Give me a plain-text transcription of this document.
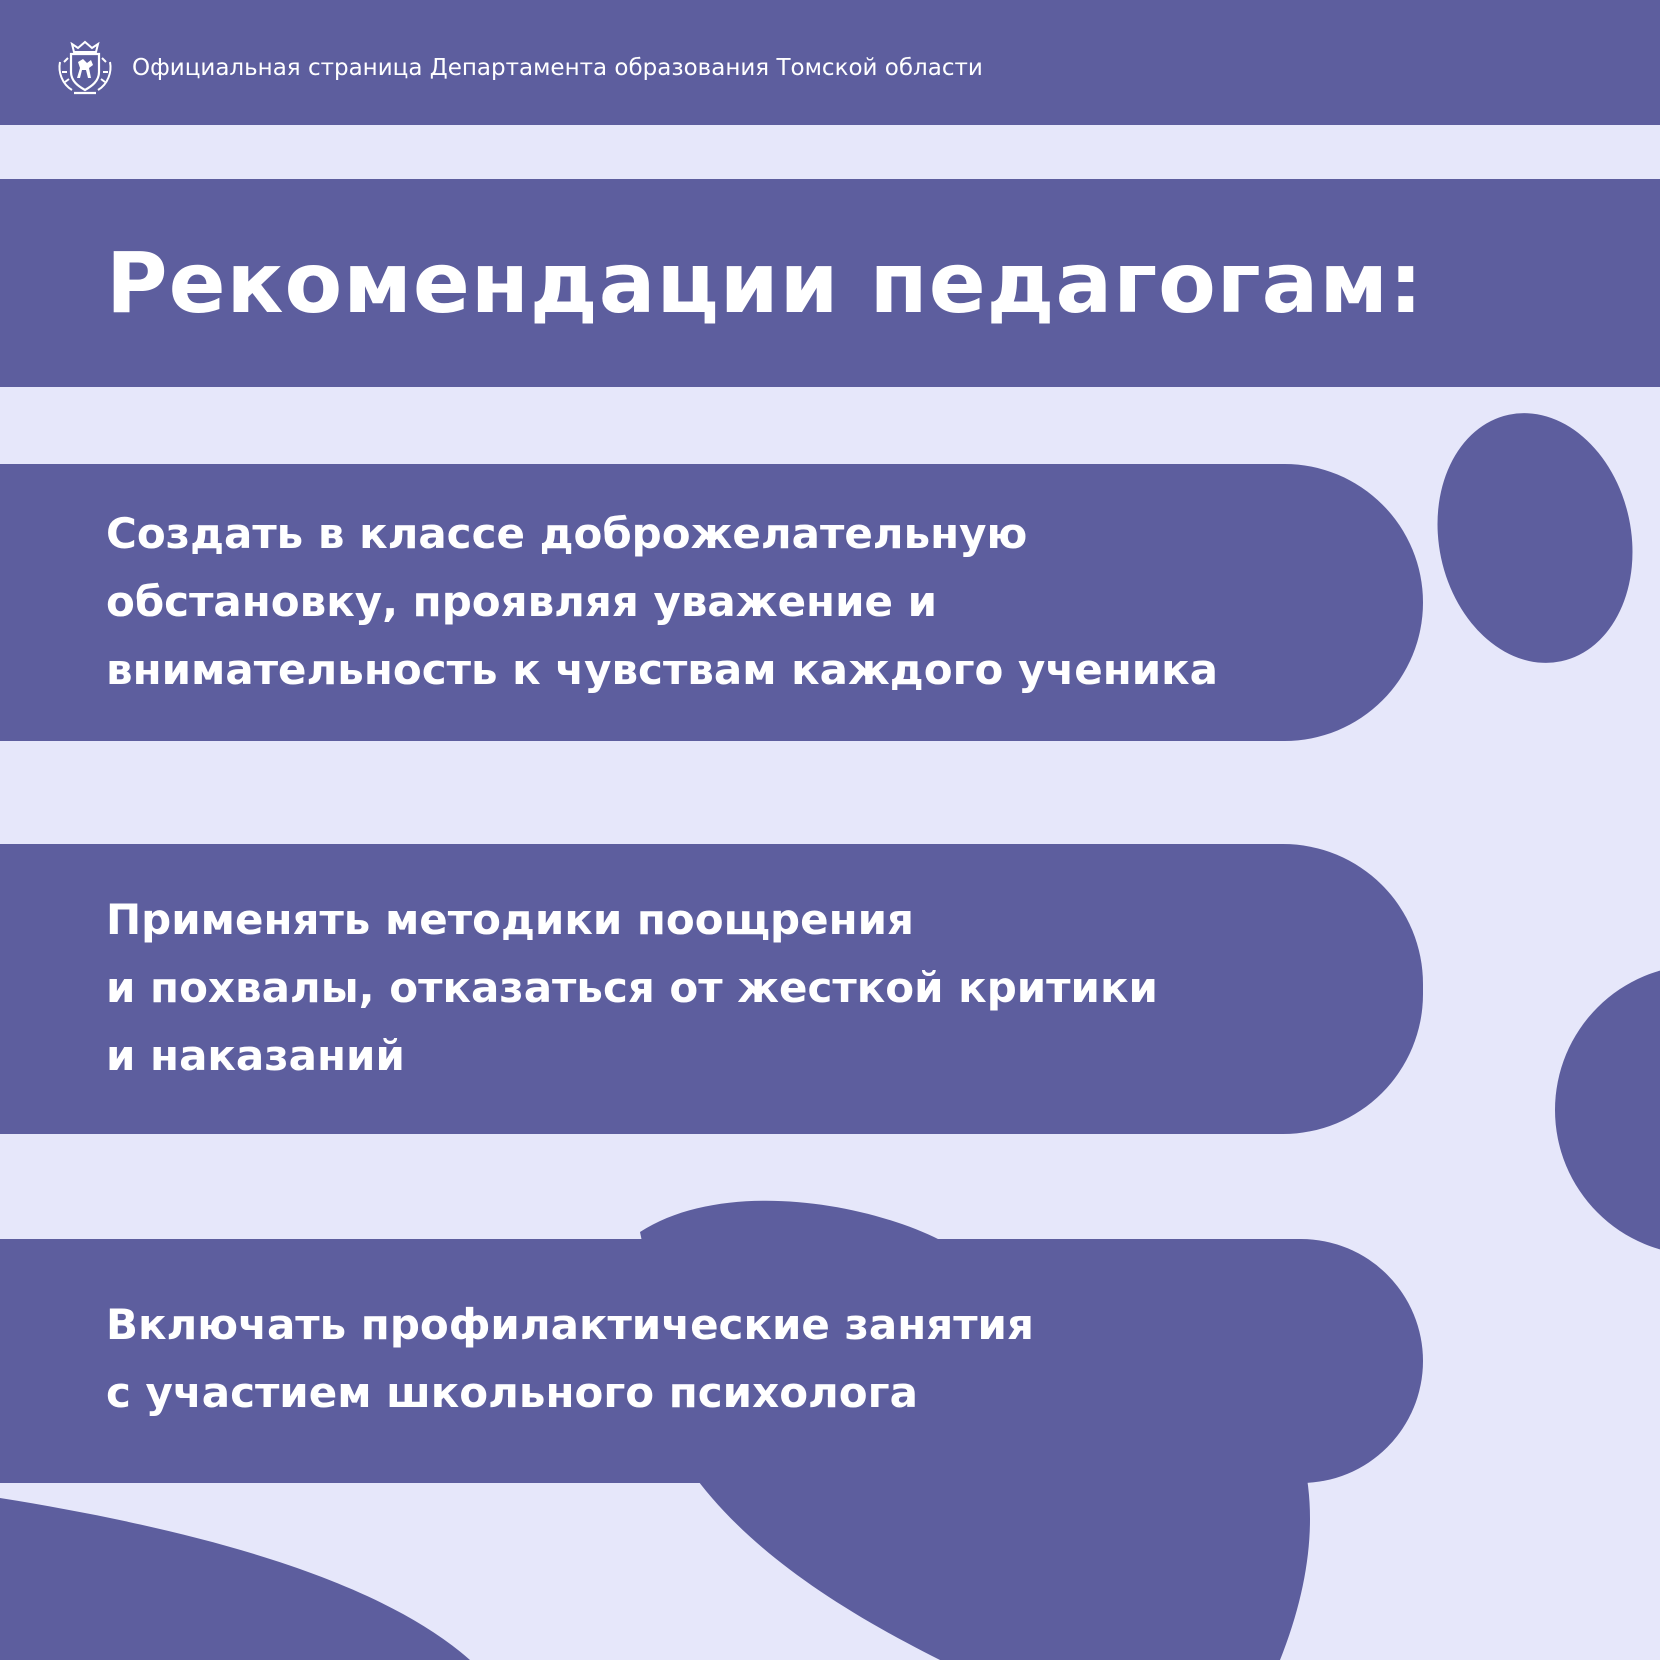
Официальная страница Департамента образования Томской области
Рекомендации педагогам:

Создать в классе доброжелательную
обстановку, проявляя уважение и
внимательность к чувствам каждого ученика

Применять методики поощрения
и похвалы, отказаться от жесткой критики
и наказаний

Включать профилактические занятия
с участием школьного психолога
